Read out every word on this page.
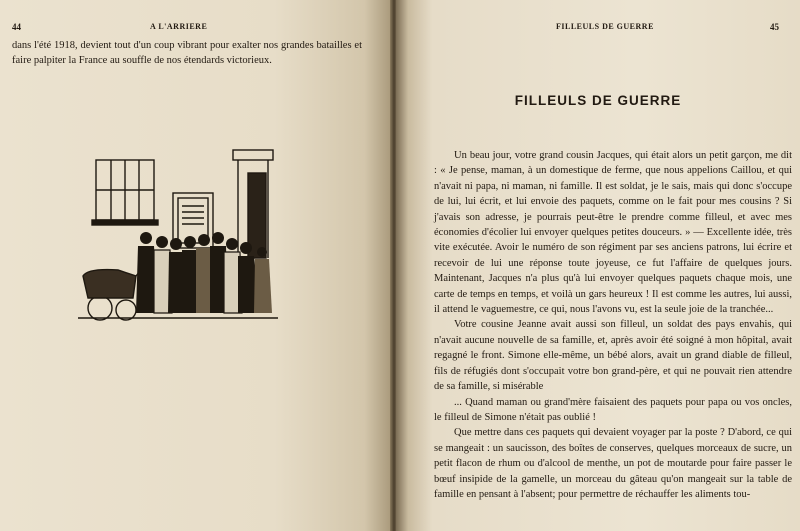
44	A L'ARRIERE

dans l'été 1918, devient tout d'un coup vibrant pour exalter nos grandes batailles et faire palpiter la France au souffle de nos étendards victorieux.

FILLEULS DE GUERRE	45
FILLEULS DE GUERRE

Un beau jour, votre grand cousin Jacques, qui était alors un petit garçon, me dit : « Je pense, maman, à un domestique de ferme, que nous appelions Caillou, et qui n'avait ni papa, ni maman, ni famille. Il est soldat, je le sais, mais qui donc s'occupe de lui, lui écrit, et lui envoie des paquets, comme on le fait pour mes cousins ? Si j'avais son adresse, je pourrais peut-être le prendre comme filleul, et avec mes économies d'écolier lui envoyer quelques petites douceurs. » — Excellente idée, très vite exécutée. Avoir le numéro de son régiment par ses anciens patrons, lui écrire et recevoir de lui une réponse toute joyeuse, ce fut l'affaire de quelques jours. Maintenant, Jacques n'a plus qu'à lui envoyer quelques paquets chaque mois, une carte de temps en temps, et voilà un gars heureux ! Il est comme les autres, lui aussi, il attend le vaguemestre, ce qui, nous l'avons vu, est la seule joie de la tranchée...

Votre cousine Jeanne avait aussi son filleul, un soldat des pays envahis, qui n'avait aucune nouvelle de sa famille, et, après avoir été soigné à mon hôpital, avait regagné le front. Simone elle-même, un bébé alors, avait un grand diable de filleul, fils de réfugiés dont s'occupait votre bon grand-père, et qui ne pouvait rien attendre de sa famille, si misérable

... Quand maman ou grand'mère faisaient des paquets pour papa ou vos oncles, le filleul de Simone n'était pas oublié !

Que mettre dans ces paquets qui devaient voyager par la poste ? D'abord, ce qui se mangeait : un saucisson, des boîtes de conserves, quelques morceaux de sucre, un petit flacon de rhum ou d'alcool de menthe, un pot de moutarde pour faire passer le bœuf insipide de la gamelle, un morceau du gâteau qu'on mangeait sur la table de famille en pensant à l'absent; pour permettre de réchauffer les aliments tou-
